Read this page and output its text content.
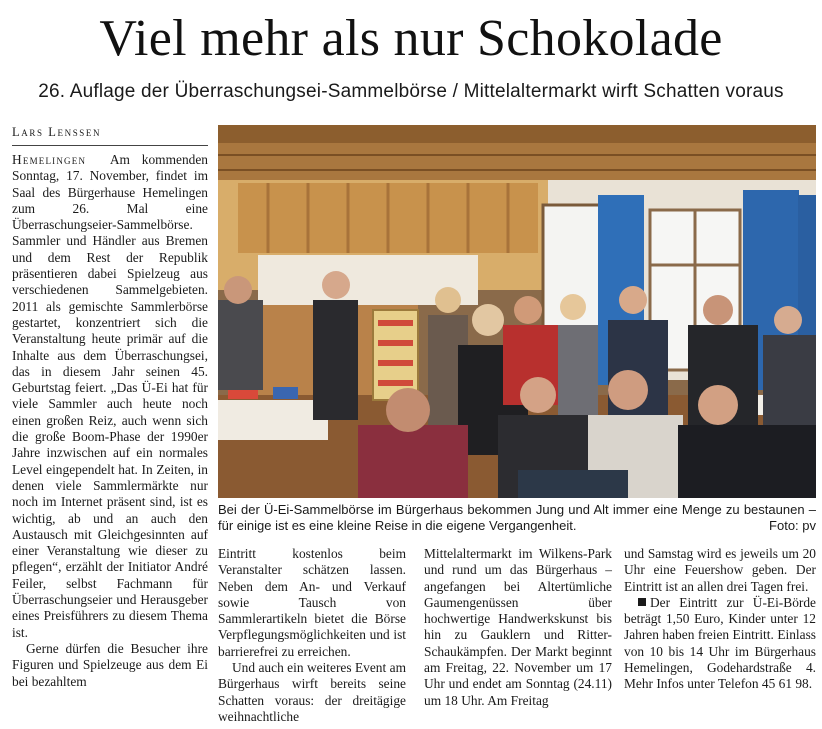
Viel mehr als nur Schokolade
26. Auflage der Überraschungsei-Sammelbörse / Mittelaltermarkt wirft Schatten voraus
Lars Lenssen

Hemelingen Am kommenden Sonntag, 17. November, findet im Saal des Bürgerhause Hemelingen zum 26. Mal eine Überraschungseier-Sammelbörse. Sammler und Händler aus Bremen und dem Rest der Republik präsentieren dabei Spielzeug aus verschiedenen Sammelgebieten. 2011 als gemischte Sammlerbörse gestartet, konzentriert sich die Veranstaltung heute primär auf die Inhalte aus dem Überraschungsei, das in diesem Jahr seinen 45. Geburtstag feiert. „Das Ü-Ei hat für viele Sammler auch heute noch einen großen Reiz, auch wenn sich die große Boom-Phase der 1990er Jahre inzwischen auf ein normales Level eingependelt hat. In Zeiten, in denen viele Sammlermärkte nur noch im Internet präsent sind, ist es wichtig, ab und an auch den Austausch mit Gleichgesinnten auf einer Veranstaltung wie dieser zu pflegen“, erzählt der Initiator André Feiler, selbst Fachmann für Überraschungseier und Herausgeber eines Preisführers zu diesem Thema ist.

Gerne dürfen die Besucher ihre Figuren und Spielzeuge aus dem Ei bei bezahltem

Bei der Ü-Ei-Sammelbörse im Bürgerhaus bekommen Jung und Alt immer eine Menge zu bestaunen – für einige ist es eine kleine Reise in die eigene Vergangenheit.	Foto: pv

Eintritt kostenlos beim Veranstalter schätzen lassen. Neben dem An- und Verkauf sowie Tausch von Sammlerartikeln bietet die Börse Verpflegungsmöglichkeiten und ist barrierefrei zu erreichen.

Und auch ein weiteres Event am Bürgerhaus wirft bereits seine Schatten voraus: der dreitägige weihnachtliche

Mittelaltermarkt im Wilkens-Park und rund um das Bürgerhaus – angefangen bei Altertümliche Gaumengenüssen über hochwertige Handwerkskunst bis hin zu Gauklern und Ritter-Schaukämpfen. Der Markt beginnt am Freitag, 22. November um 17 Uhr und endet am Sonntag (24.11) um 18 Uhr. Am Freitag

und Samstag wird es jeweils um 20 Uhr eine Feuershow geben. Der Eintritt ist an allen drei Tagen frei.

Der Eintritt zur Ü-Ei-Börde beträgt 1,50 Euro, Kinder unter 12 Jahren haben freien Eintritt. Einlass von 10 bis 14 Uhr im Bürgerhaus Hemelingen, Godehardstraße 4. Mehr Infos unter Telefon 45 61 98.
